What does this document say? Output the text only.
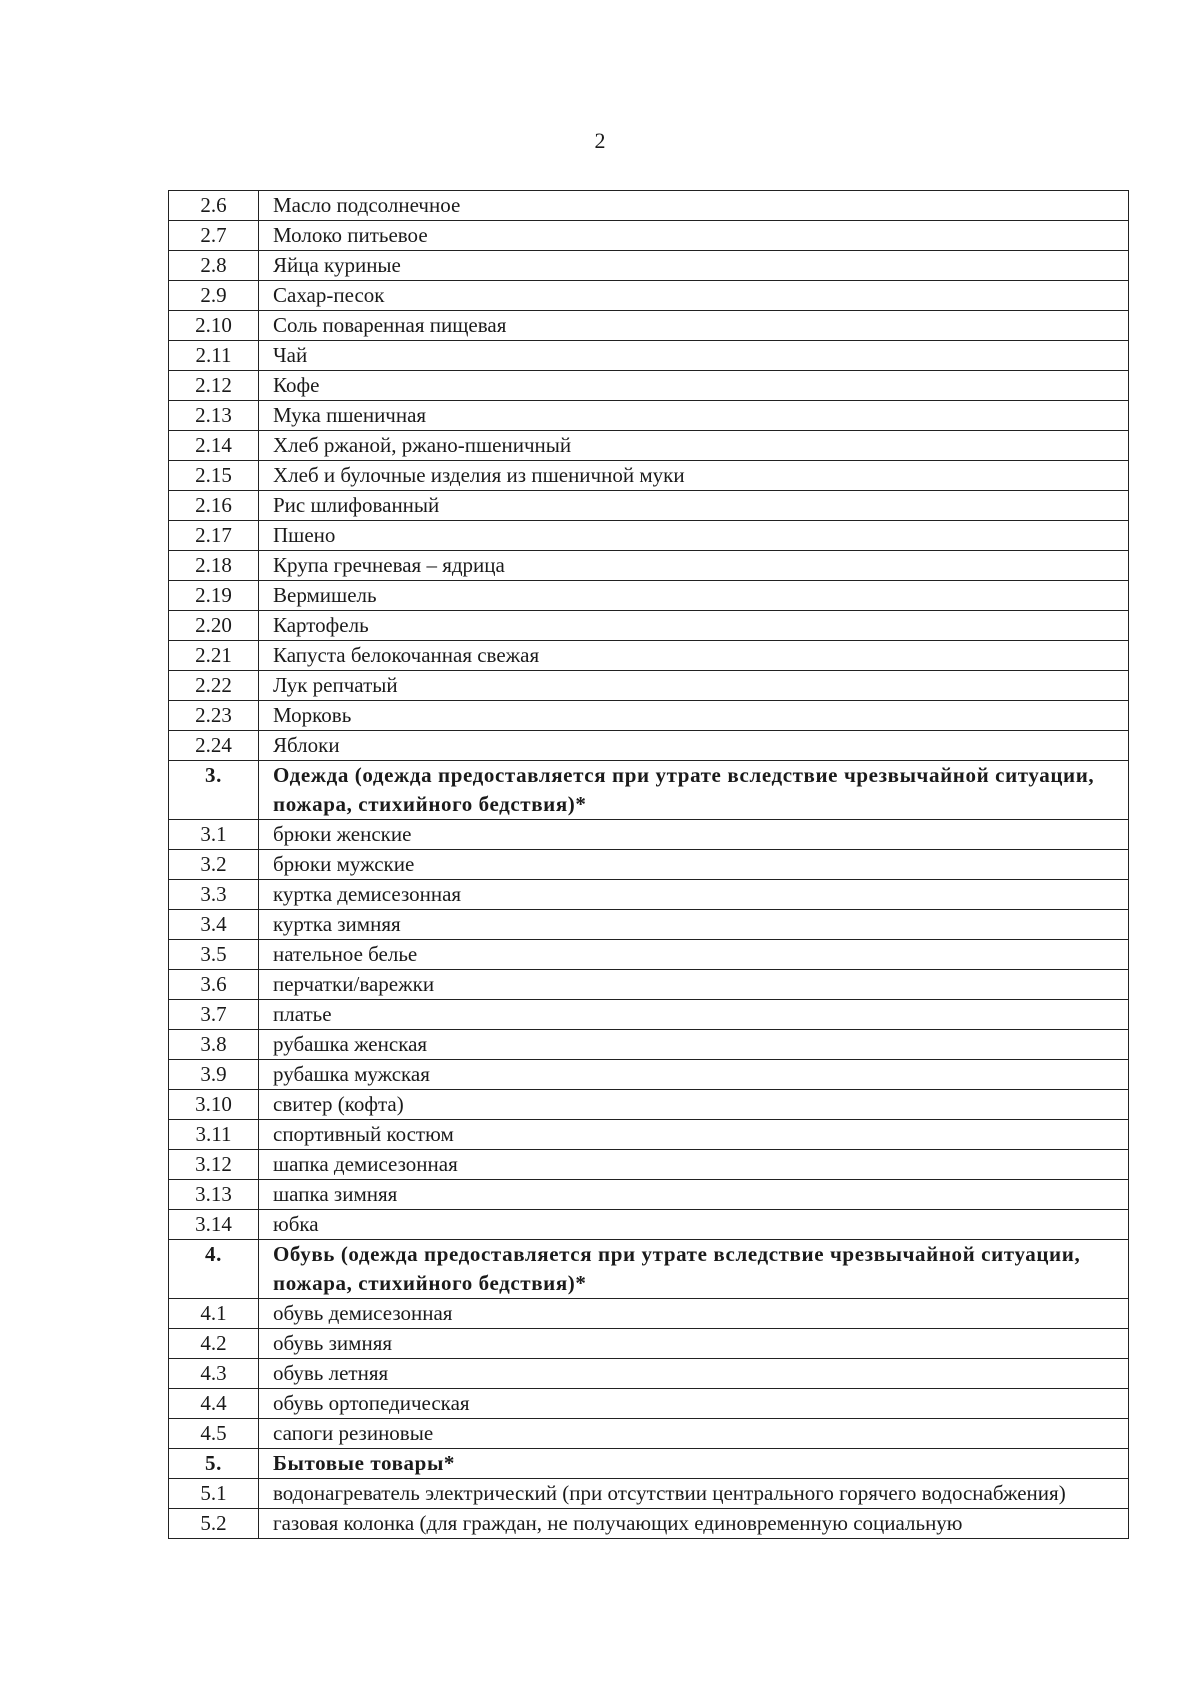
2
2.6	Масло подсолнечное
2.7	Молоко питьевое
2.8	Яйца куриные
2.9	Сахар-песок
2.10	Соль поваренная пищевая
2.11	Чай
2.12	Кофе
2.13	Мука пшеничная
2.14	Хлеб ржаной, ржано-пшеничный
2.15	Хлеб и булочные изделия из пшеничной муки
2.16	Рис шлифованный
2.17	Пшено
2.18	Крупа гречневая – ядрица
2.19	Вермишель
2.20	Картофель
2.21	Капуста белокочанная свежая
2.22	Лук репчатый
2.23	Морковь
2.24	Яблоки
3.	Одежда (одежда предоставляется при утрате вследствие чрезвычайной ситуации, пожара, стихийного бедствия)*
3.1	брюки женские
3.2	брюки мужские
3.3	куртка демисезонная
3.4	куртка зимняя
3.5	нательное белье
3.6	перчатки/варежки
3.7	платье
3.8	рубашка женская
3.9	рубашка мужская
3.10	свитер (кофта)
3.11	спортивный костюм
3.12	шапка демисезонная
3.13	шапка зимняя
3.14	юбка
4.	Обувь (одежда предоставляется при утрате вследствие чрезвычайной ситуации, пожара, стихийного бедствия)*
4.1	обувь демисезонная
4.2	обувь зимняя
4.3	обувь летняя
4.4	обувь ортопедическая
4.5	сапоги резиновые
5.	Бытовые товары*
5.1	водонагреватель электрический (при отсутствии центрального горячего водоснабжения)
5.2	газовая колонка (для граждан, не получающих единовременную социальную
